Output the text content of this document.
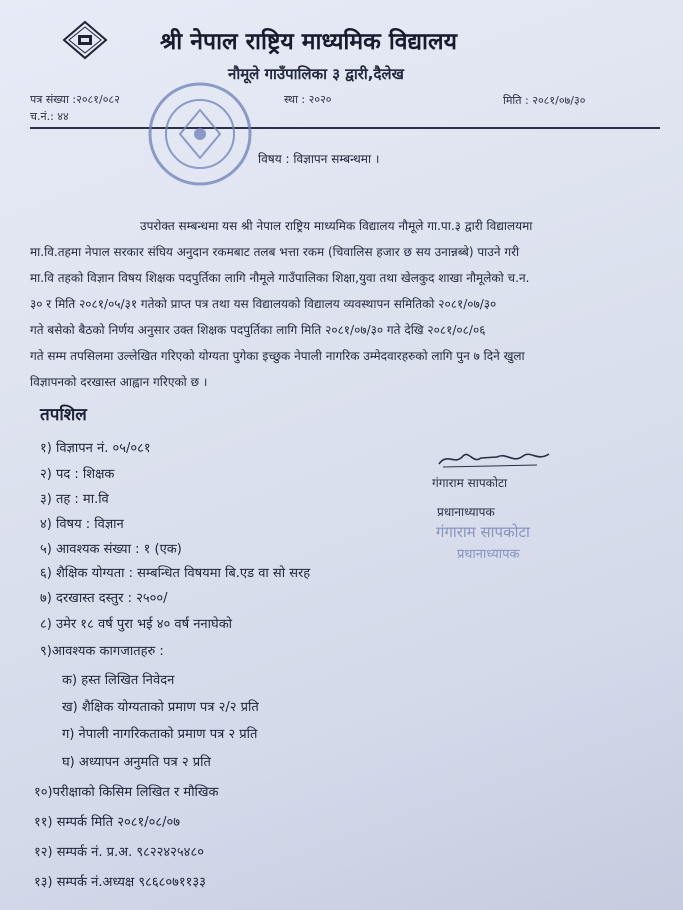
श्री नेपाल राष्ट्रिय माध्यमिक विद्यालय
नौमूले गाउँपालिका ३ द्वारी,दैलेख
पत्र संख्या :२०८१/०८२
च.नं.: ४४
स्था : २०२०	मिति : २०८१/०७/३०
विषय : विज्ञापन सम्बन्धमा ।
उपरोक्त सम्बन्धमा यस श्री नेपाल राष्ट्रिय माध्यमिक विद्यालय नौमूले गा.पा.३ द्वारी विद्यालयमा
मा.वि.तहमा नेपाल सरकार संघिय अनुदान रकमबाट तलब भत्ता रकम (चिवालिस हजार छ सय उनान्नब्बे) पाउने गरी
मा.वि तहको विज्ञान विषय शिक्षक पदपुर्तिका लागि नौमूले गाउँपालिका शिक्षा,युवा तथा खेलकुद शाखा नौमूलेको च.न.
३० र मिति २०८१/०५/३१ गतेको प्राप्त पत्र तथा यस विद्यालयको विद्यालय व्यवस्थापन समितिको २०८१/०७/३०
गते बसेको बैठको निर्णय अनुसार उक्त शिक्षक पदपुर्तिका लागि मिति २०८१/०७/३० गते देखि २०८१/०८/०६
गते सम्म तपसिलमा उल्लेखित गरिएको योग्यता पुगेका इच्छुक नेपाली नागरिक उम्मेदवारहरुको लागि पुन ७ दिने खुला
विज्ञापनको दरखास्त आह्वान गरिएको छ ।
तपशिल
१) विज्ञापन नं. ०५/०८१
२) पद : शिक्षक
३) तह : मा.वि
४) विषय : विज्ञान
५) आवश्यक संख्या : १ (एक)
६) शैक्षिक योग्यता : सम्बन्धित विषयमा बि.एड वा सो सरह
७) दरखास्त दस्तुर : २५००/
८) उमेर १८ वर्ष पुरा भई ४० वर्ष ननाघेको
९)आवश्यक कागजातहरु :
क) हस्त लिखित निवेदन
ख) शैक्षिक योग्यताको प्रमाण पत्र २/२ प्रति
ग) नेपाली नागरिकताको प्रमाण पत्र २ प्रति
घ) अध्यापन अनुमति पत्र २ प्रति
१०)परीक्षाको किसिम लिखित र मौखिक
११) सम्पर्क मिति २०८१/०८/०७
१२) सम्पर्क नं. प्र.अ. ९८२२४२५४८०
१३) सम्पर्क नं.अध्यक्ष ९८६८०७११३३
गंगाराम सापकोटा
प्रधानाध्यापक
गंगाराम सापकोटा
प्रधानाध्यापक
